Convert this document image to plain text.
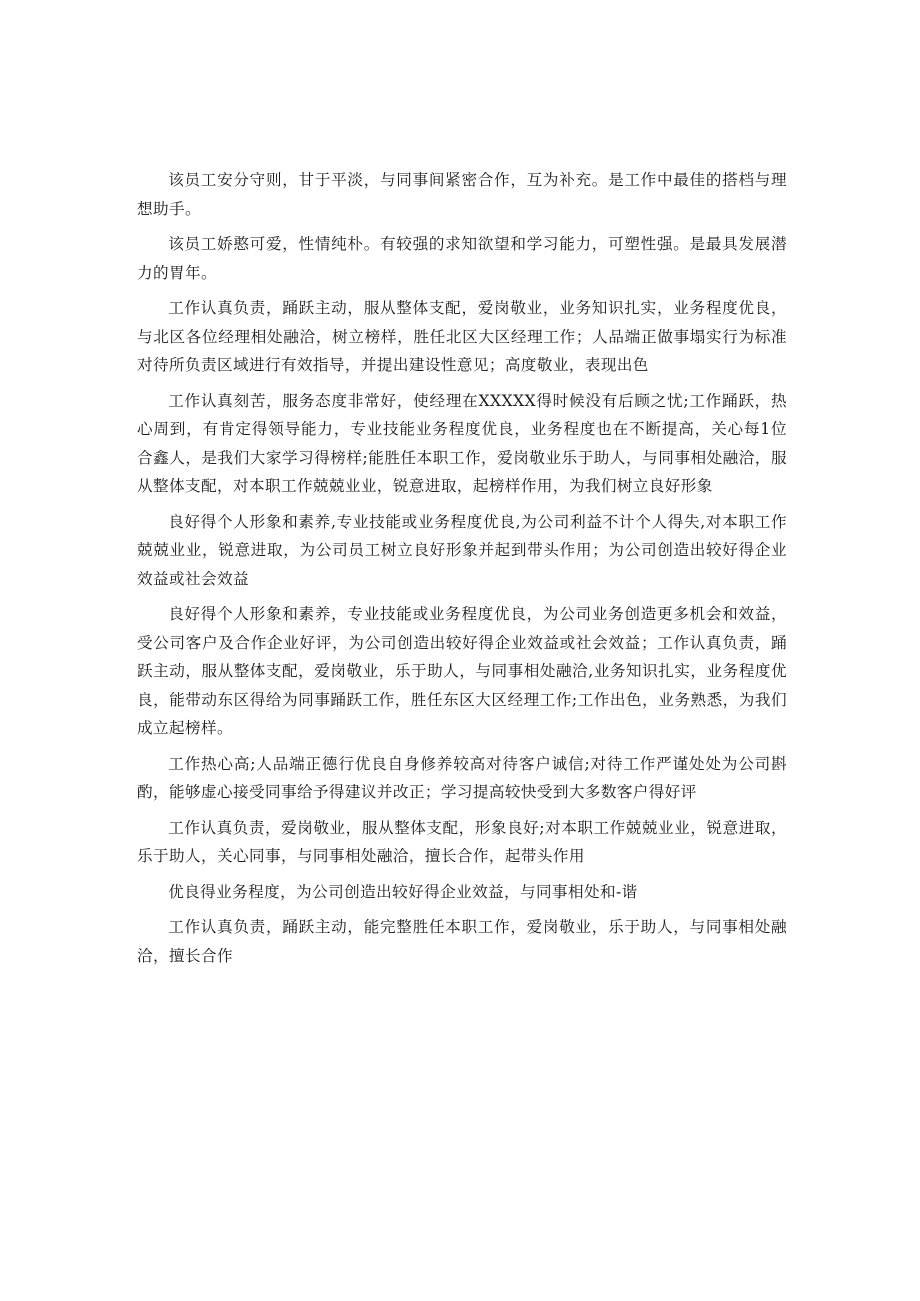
该员工安分守则，甘于平淡，与同事间紧密合作，互为补充。是工作中最佳的搭档与理想助手。

该员工娇憨可爱，性情纯朴。有较强的求知欲望和学习能力，可塑性强。是最具发展潜力的胃年。

工作认真负责，踊跃主动，服从整体支配，爱岗敬业，业务知识扎实，业务程度优良，与北区各位经理相处融洽，树立榜样，胜任北区大区经理工作；人品端正做事塌实行为标准对待所负责区域进行有效指导，并提出建设性意见；高度敬业，表现出色

工作认真刻苦，服务态度非常好，使经理在XXXXX得时候没有后顾之忧;工作踊跃，热心周到，有肯定得领导能力，专业技能业务程度优良，业务程度也在不断提高，关心每1位合鑫人，是我们大家学习得榜样;能胜任本职工作，爱岗敬业乐于助人，与同事相处融洽，服从整体支配，对本职工作兢兢业业，锐意进取，起榜样作用，为我们树立良好形象

良好得个人形象和素养,专业技能或业务程度优良,为公司利益不计个人得失,对本职工作兢兢业业，锐意进取，为公司员工树立良好形象并起到带头作用；为公司创造出较好得企业效益或社会效益

良好得个人形象和素养，专业技能或业务程度优良，为公司业务创造更多机会和效益，受公司客户及合作企业好评，为公司创造出较好得企业效益或社会效益；工作认真负责，踊跃主动，服从整体支配，爱岗敬业，乐于助人，与同事相处融洽,业务知识扎实，业务程度优良，能带动东区得给为同事踊跃工作，胜任东区大区经理工作;工作出色，业务熟悉，为我们成立起榜样。

工作热心高;人品端正德行优良自身修养较高对待客户诚信;对待工作严谨处处为公司斟酌，能够虚心接受同事给予得建议并改正；学习提高较快受到大多数客户得好评

工作认真负责，爱岗敬业，服从整体支配，形象良好;对本职工作兢兢业业，锐意进取，乐于助人，关心同事，与同事相处融洽，擅长合作，起带头作用

优良得业务程度，为公司创造出较好得企业效益，与同事相处和-谐

工作认真负责，踊跃主动，能完整胜任本职工作，爱岗敬业，乐于助人，与同事相处融洽，擅长合作
